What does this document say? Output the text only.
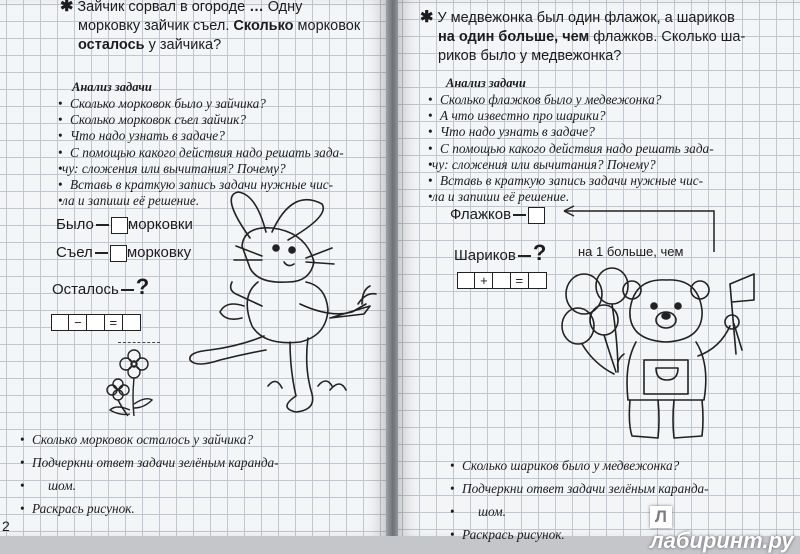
✱ Зайчик сорвал в огороде … Одну
морковку зайчик съел. Сколько морковок
осталось у зайчика?
Анализ задачи
• Сколько морковок было у зайчика?
• Сколько морковок съел зайчик?
• Что надо узнать в задаче?
• С помощью какого действия надо решать зада-
• чу: сложения или вычитания? Почему?
• Вставь в краткую запись задачи нужные чис-
• ла и запиши её решение.
Было морковки
Съел морковку
Осталось ?
−	=
• Сколько морковок осталось у зайчика?
• Подчеркни ответ задачи зелёным каранда-
• шом.
• Раскрась рисунок.
2
✱ У медвежонка был один флажок, а шариков
на один больше, чем флажков. Сколько ша-
риков было у медвежонка?
Анализ задачи
• Сколько флажков было у медвежонка?
• А что известно про шарики?
• Что надо узнать в задаче?
• С помощью какого действия надо решать зада-
• чу: сложения или вычитания? Почему?
• Вставь в краткую запись задачи нужные чис-
• ла и запиши её решение.
Флажков
Шариков ? на 1 больше, чем
+	=
• Сколько шариков было у медвежонка?
• Подчеркни ответ задачи зелёным каранда-
• шом.
• Раскрась рисунок.
Ллабиринт.ру
